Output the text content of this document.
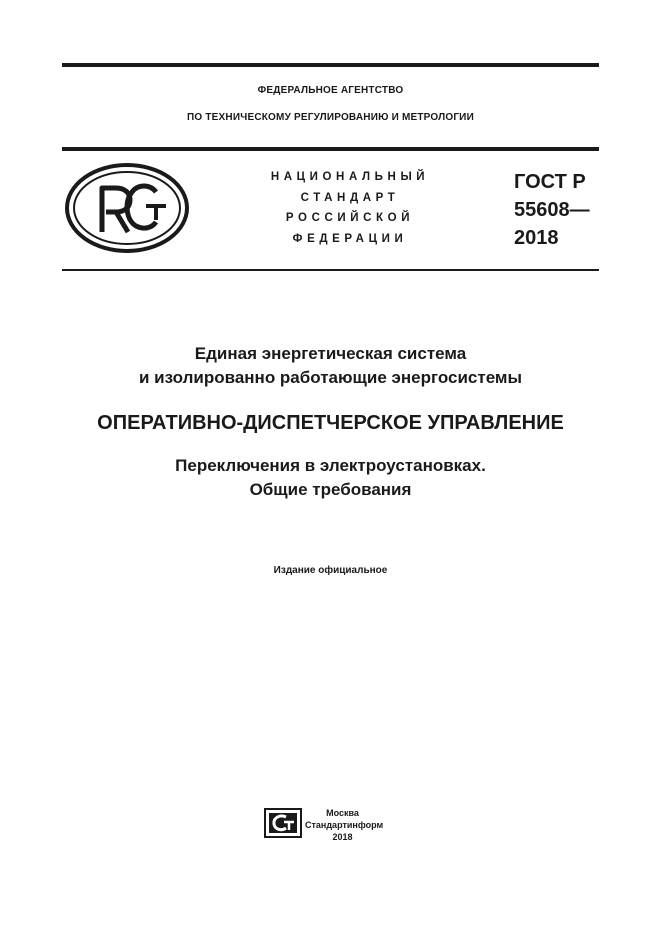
ФЕДЕРАЛЬНОЕ АГЕНТСТВО
ПО ТЕХНИЧЕСКОМУ РЕГУЛИРОВАНИЮ И МЕТРОЛОГИИ
НАЦИОНАЛЬНЫЙ
СТАНДАРТ
РОССИЙСКОЙ
ФЕДЕРАЦИИ
ГОСТ Р
55608—
2018
Единая энергетическая система
и изолированно работающие энергосистемы
ОПЕРАТИВНО-ДИСПЕТЧЕРСКОЕ УПРАВЛЕНИЕ
Переключения в электроустановках.
Общие требования
Издание официальное
Москва
Стандартинформ
2018
